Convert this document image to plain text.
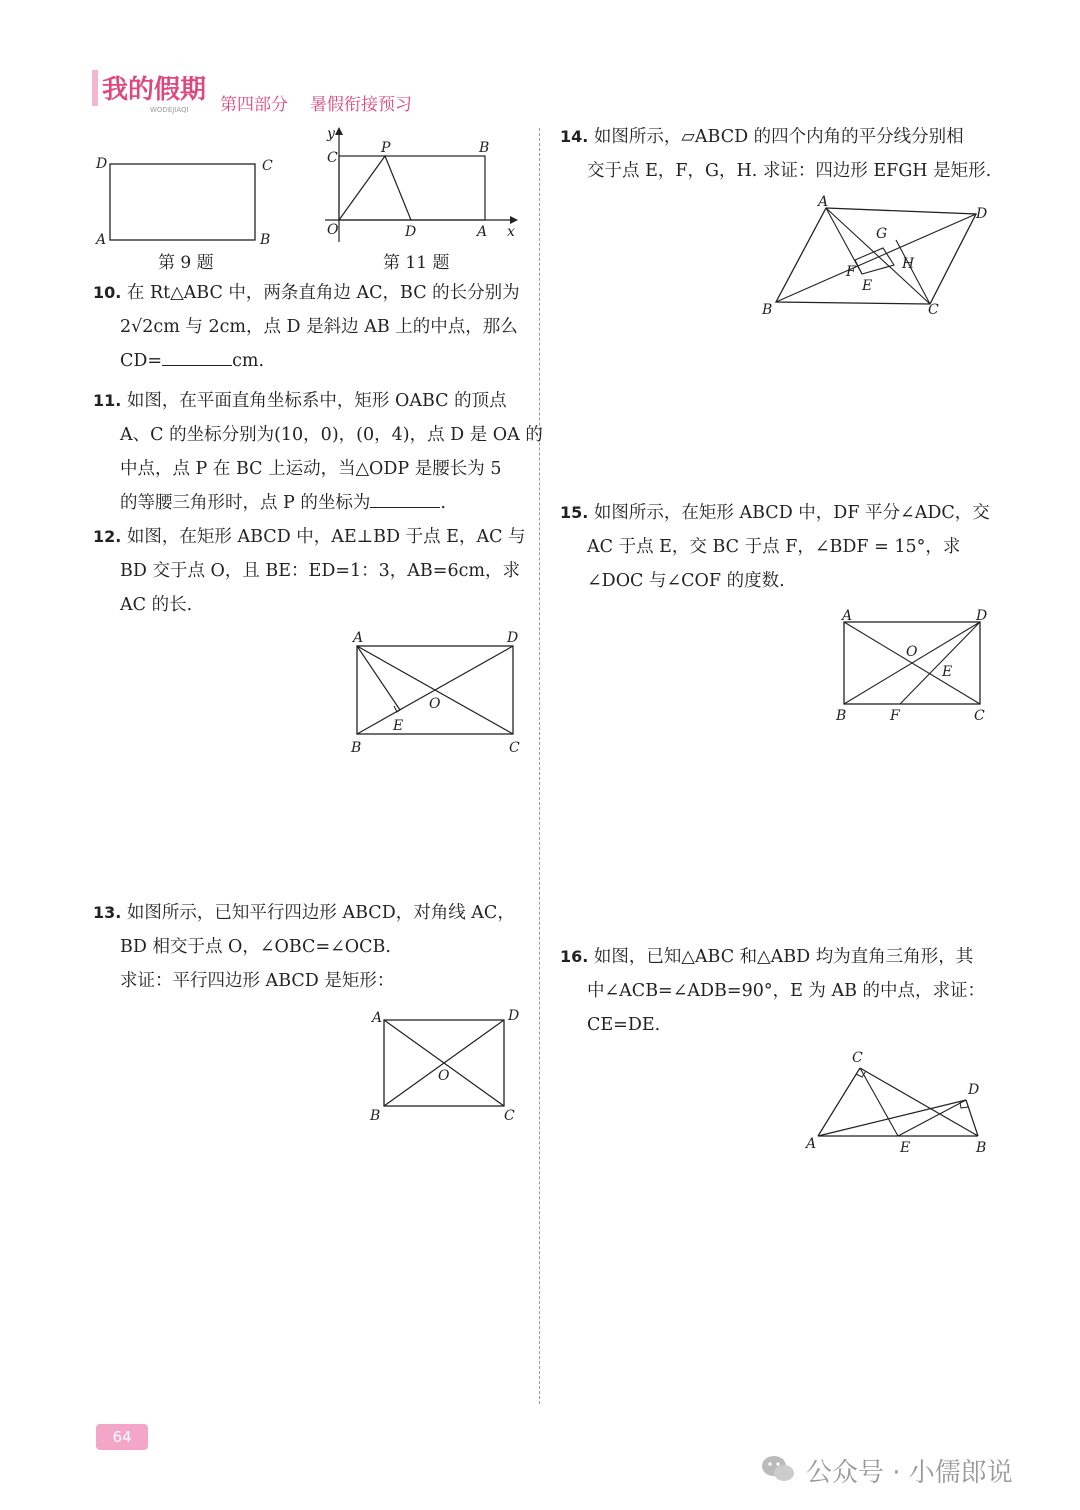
我的假期
WODEJIAQI 第四部分 暑假衔接预习
D	C
A	B
第 9 题
y
C
P	B
O	D	A x
第 11 题
10. 在 Rt△ABC 中，两条直角边 AC，BC 的长分别为
2√2cm 与 2cm，点 D 是斜边 AB 上的中点，那么
CD=	cm.
11. 如图，在平面直角坐标系中，矩形 OABC 的顶点
A、C 的坐标分别为(10，0)，(0，4)，点 D 是 OA 的
中点，点 P 在 BC 上运动，当△ODP 是腰长为 5
的等腰三角形时，点 P 的坐标为	.
12. 如图，在矩形 ABCD 中，AE⊥BD 于点 E，AC 与
BD 交于点 O，且 BE：ED=1：3，AB=6cm，求
AC 的长.
A	D
O
E
B	C
13. 如图所示，已知平行四边形 ABCD，对角线 AC，
BD 相交于点 O，∠OBC=∠OCB.
求证：平行四边形 ABCD 是矩形：
A	D
O
B	C
14. 如图所示，▱ABCD 的四个内角的平分线分别相
交于点 E，F，G，H. 求证：四边形 EFGH 是矩形.
A
D
G
H
F
E
B	C
15. 如图所示，在矩形 ABCD 中，DF 平分∠ADC，交
AC 于点 E，交 BC 于点 F，∠BDF = 15°，求
∠DOC 与∠COF 的度数.
A	D
O
E
B	F	C
16. 如图，已知△ABC 和△ABD 均为直角三角形，其
中∠ACB=∠ADB=90°，E 为 AB 的中点，求证：
CE=DE.
C
D
A	E	B
64
公众号 · 小儒郎说
